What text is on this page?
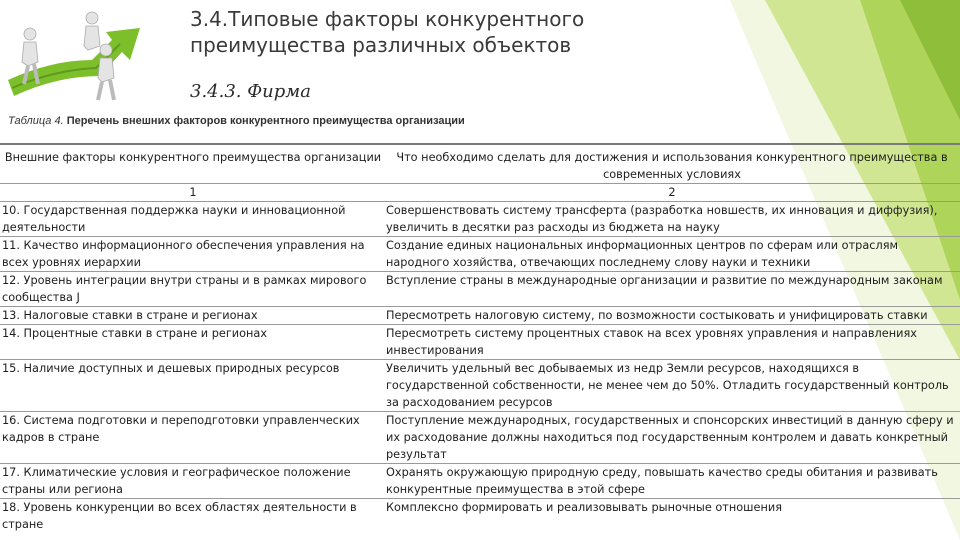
3.4.Типовые факторы конкурентного
преимущества различных объектов
3.4.3. Фирма
Таблица 4. Перечень внешних факторов конкурентного преимущества организации
Внешние факторы конкурентного преимущества организации	Что необходимо сделать для достижения и использования конкурентного преимущества в современных условиях
1	2
10. Государственная поддержка науки и инновационной деятельности	Совершенствовать систему трансферта (разработка новшеств, их инновация и диффузия), увеличить в десятки раз расходы из бюджета на науку
11. Качество информационного обеспечения управления на всех уровнях иерархии	Создание единых национальных информационных центров по сферам или отраслям народного хозяйства, отвечающих последнему слову науки и техники
12. Уровень интеграции внутри страны и в рамках мирового сообщества J	Вступление страны в международные организации и развитие по международным законам
13. Налоговые ставки в стране и регионах	Пересмотреть налоговую систему, по возможности состыковать и унифицировать ставки
14. Процентные ставки в стране и регионах	Пересмотреть систему процентных ставок на всех уровнях управления и направлениях инвестирования
15. Наличие доступных и дешевых природных ресурсов	Увеличить удельный вес добываемых из недр Земли ресурсов, находящихся в государственной собственности, не менее чем до 50%. Отладить государственный контроль за расходованием ресурсов
16. Система подготовки и переподготовки управленческих кадров в стране	Поступление международных, государственных и спонсорских инвестиций в данную сферу и их расходование должны находиться под государственным контролем и давать конкретный результат
17. Климатические условия и географическое положение страны или региона	Охранять окружающую природную среду, повышать качество среды обитания и развивать конкурентные преимущества в этой сфере
18. Уровень конкуренции во всех областях деятельности в стране	Комплексно формировать и реализовывать рыночные отношения
